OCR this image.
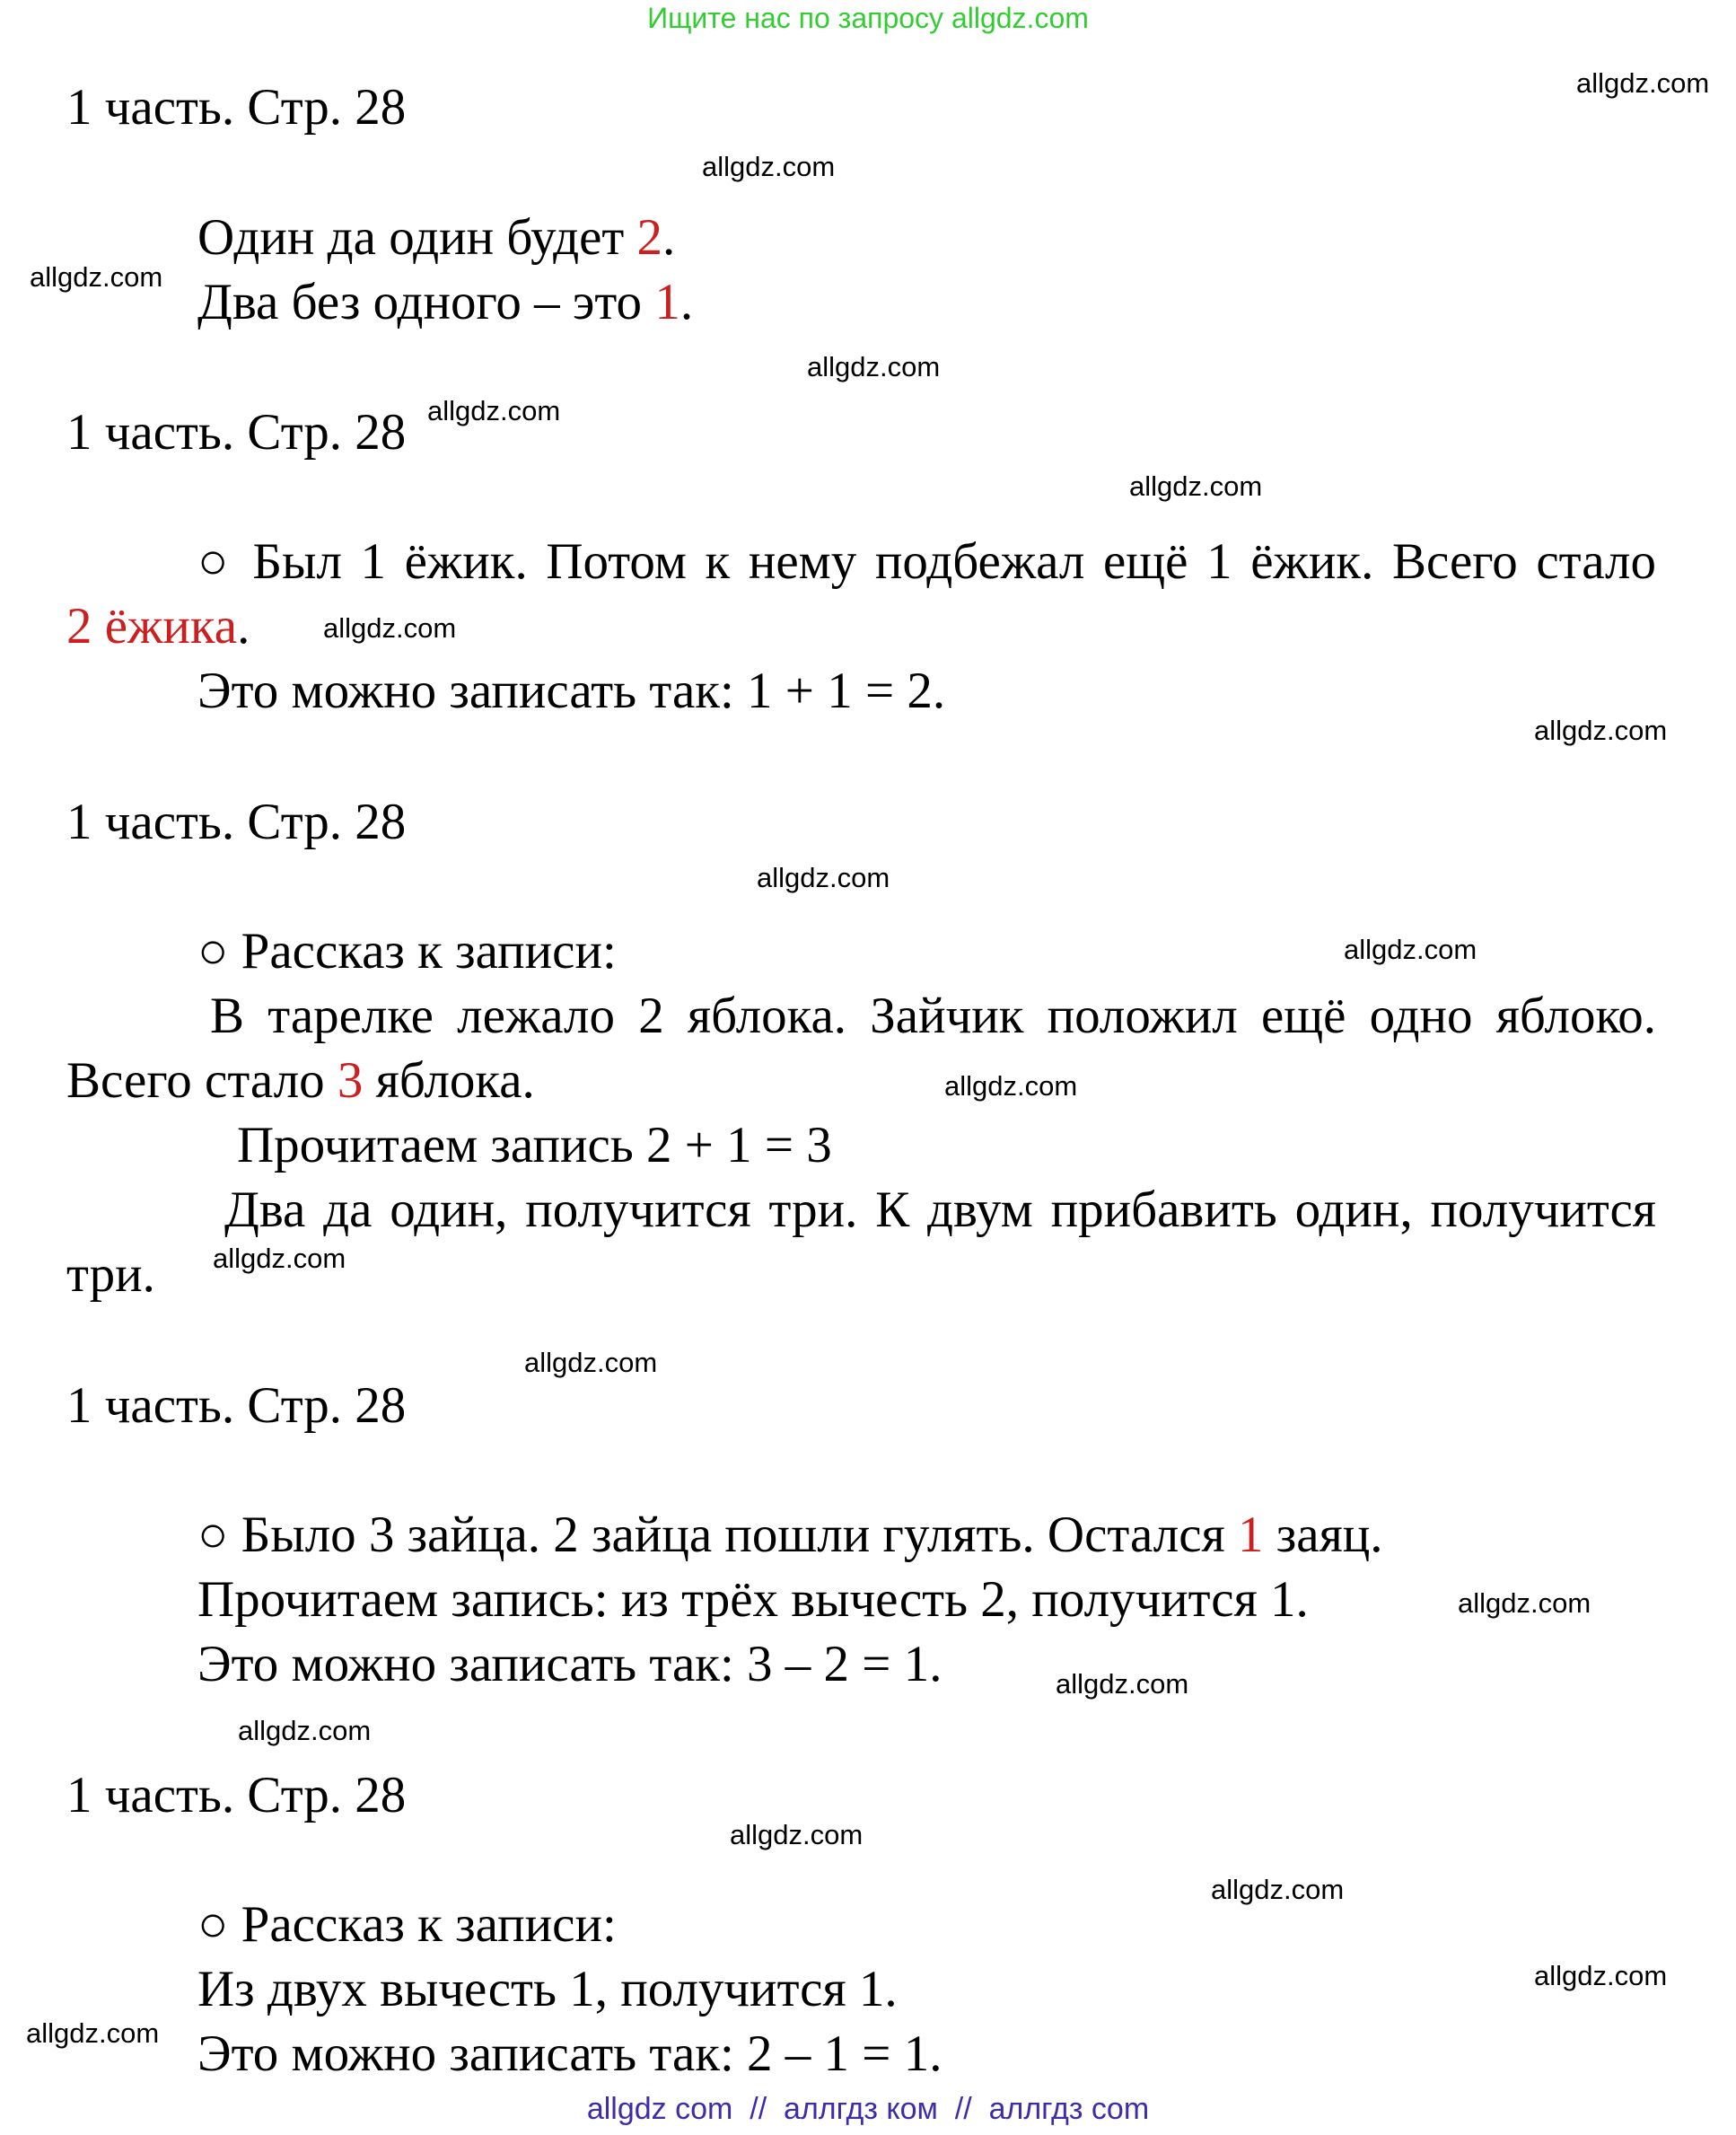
Ищите нас по запросу allgdz.com
1 часть. Стр. 28
Один да один будет 2.
Два без одного – это 1.
1 часть. Стр. 28
○ Был 1 ёжик. Потом к нему подбежал ещё 1 ёжик. Всего стало
2 ёжика.
Это можно записать так: 1 + 1 = 2.
1 часть. Стр. 28
○ Рассказ к записи:
В тарелке лежало 2 яблока. Зайчик положил ещё одно яблоко.
Всего стало 3 яблока.
Прочитаем запись 2 + 1 = 3
Два да один, получится три. К двум прибавить один, получится
три.
1 часть. Стр. 28
○ Было 3 зайца. 2 зайца пошли гулять. Остался 1 заяц.
Прочитаем запись: из трёх вычесть 2, получится 1.
Это можно записать так: 3 – 2 = 1.
1 часть. Стр. 28
○ Рассказ к записи:
Из двух вычесть 1, получится 1.
Это можно записать так: 2 – 1 = 1.
allgdz.com
allgdz.com
allgdz.com
allgdz.com
allgdz.com
allgdz.com
allgdz.com
allgdz.com
allgdz.com
allgdz.com
allgdz.com
allgdz.com
allgdz.com
allgdz.com
allgdz.com
allgdz.com
allgdz.com
allgdz.com
allgdz.com
allgdz.com
allgdz com  //  аллгдз ком  //  аллгдз com
